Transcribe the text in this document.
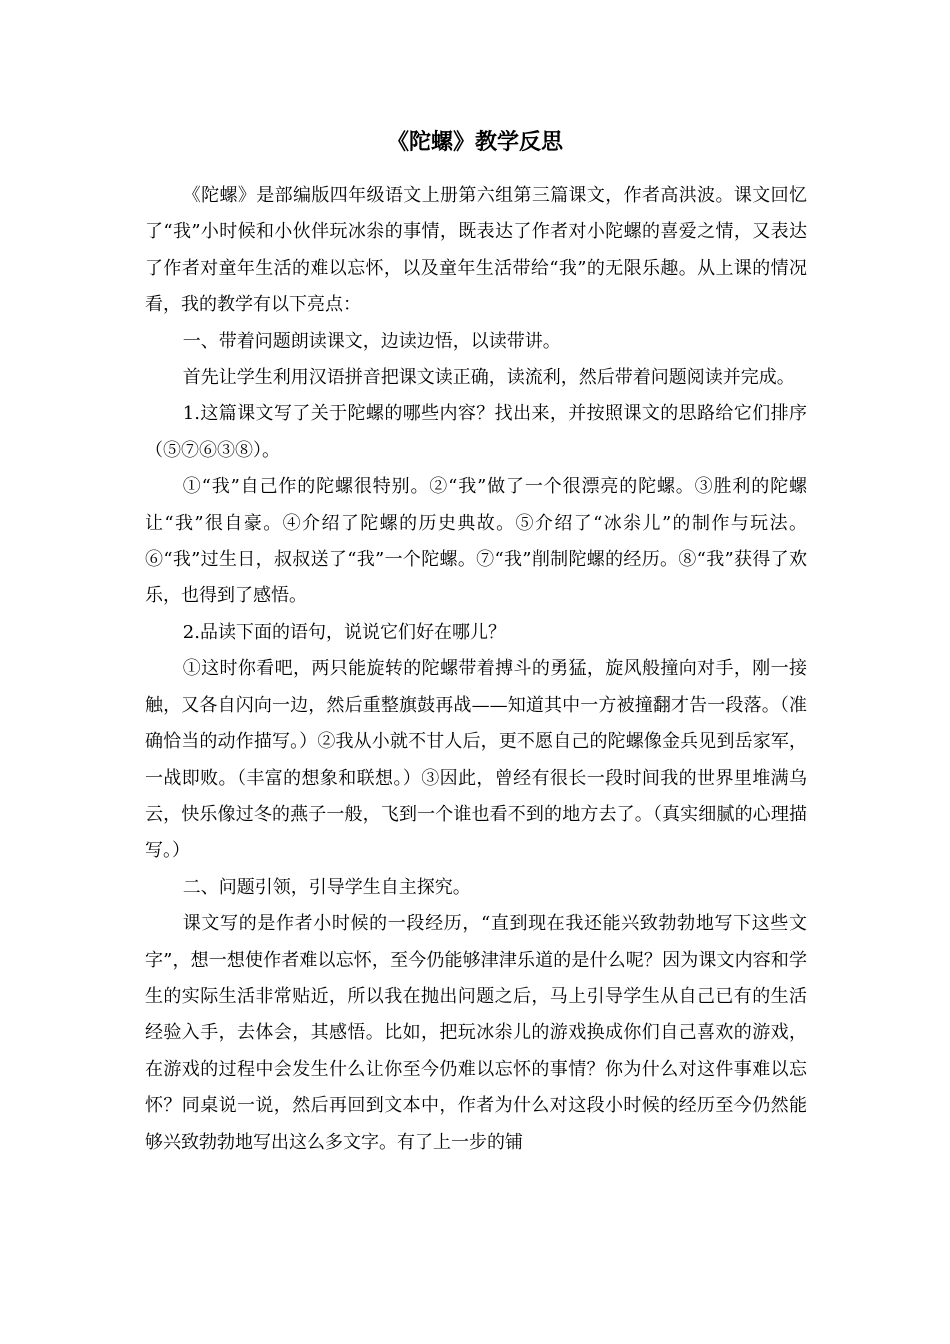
《陀螺》教学反思

《陀螺》是部编版四年级语文上册第六组第三篇课文，作者高洪波。课文回忆了“我”小时候和小伙伴玩冰尜的事情，既表达了作者对小陀螺的喜爱之情，又表达了作者对童年生活的难以忘怀，以及童年生活带给“我”的无限乐趣。从上课的情况看，我的教学有以下亮点：

一、带着问题朗读课文，边读边悟，以读带讲。

首先让学生利用汉语拼音把课文读正确，读流利，然后带着问题阅读并完成。

1.这篇课文写了关于陀螺的哪些内容？找出来，并按照课文的思路给它们排序（⑤⑦⑥③⑧）。

①“我”自己作的陀螺很特别。②“我”做了一个很漂亮的陀螺。③胜利的陀螺让“我”很自豪。④介绍了陀螺的历史典故。⑤介绍了“冰尜儿”的制作与玩法。⑥“我”过生日，叔叔送了“我”一个陀螺。⑦“我”削制陀螺的经历。⑧“我”获得了欢乐，也得到了感悟。

2.品读下面的语句，说说它们好在哪儿？

①这时你看吧，两只能旋转的陀螺带着搏斗的勇猛，旋风般撞向对手，刚一接触，又各自闪向一边，然后重整旗鼓再战——知道其中一方被撞翻才告一段落。（准确恰当的动作描写。）②我从小就不甘人后，更不愿自己的陀螺像金兵见到岳家军，一战即败。（丰富的想象和联想。）③因此，曾经有很长一段时间我的世界里堆满乌云，快乐像过冬的燕子一般，飞到一个谁也看不到的地方去了。（真实细腻的心理描写。）

二、问题引领，引导学生自主探究。

课文写的是作者小时候的一段经历，“直到现在我还能兴致勃勃地写下这些文字”，想一想使作者难以忘怀，至今仍能够津津乐道的是什么呢？因为课文内容和学生的实际生活非常贴近，所以我在抛出问题之后，马上引导学生从自己已有的生活经验入手，去体会，其感悟。比如，把玩冰尜儿的游戏换成你们自己喜欢的游戏，在游戏的过程中会发生什么让你至今仍难以忘怀的事情？你为什么对这件事难以忘怀？同桌说一说，然后再回到文本中，作者为什么对这段小时候的经历至今仍然能够兴致勃勃地写出这么多文字。有了上一步的铺
